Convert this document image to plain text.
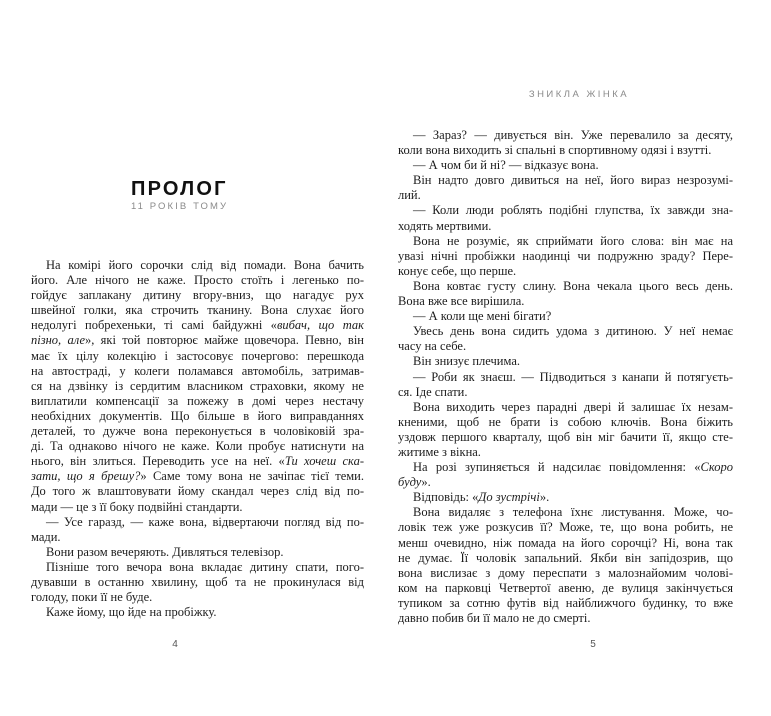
ПРОЛОГ
11 РОКІВ ТОМУ
На комірі його сорочки слід від помади. Вона бачить
його. Але нічого не каже. Просто стоїть і легенько по-
гойдує заплакану дитину вгору-вниз, що нагадує рух
швейної голки, яка строчить тканину. Вона слухає його
недолугі побрехеньки, ті самі байдужні «вибач, що так
пізно, але», які той повторює майже щовечора. Певно, він
має їх цілу колекцію і застосовує почергово: перешкода
на автостраді, у колеги поламався автомобіль, затримав-
ся на дзвінку із сердитим власником страховки, якому не
виплатили компенсації за пожежу в домі через нестачу
необхідних документів. Що більше в його виправданнях
деталей, то дужче вона переконується в чоловіковій зра-
ді. Та однаково нічого не каже. Коли пробує натиснути на
нього, він злиться. Переводить усе на неї. «Ти хочеш ска-
зати, що я брешу?» Саме тому вона не зачіпає тієї теми.
До того ж влаштовувати йому скандал через слід від по-
мади — це з її боку подвійні стандарти.
— Усе гаразд, — каже вона, відвертаючи погляд від по-
мади.
Вони разом вечеряють. Дивляться телевізор.
Пізніше того вечора вона вкладає дитину спати, пого-
дувавши в останню хвилину, щоб та не прокинулася від
голоду, поки її не буде.
Каже йому, що йде на пробіжку.
4
ЗНИКЛА ЖІНКА
— Зараз? — дивується він. Уже перевалило за десяту,
коли вона виходить зі спальні в спортивному одязі і взутті.
— А чом би й ні? — відказує вона.
Він надто довго дивиться на неї, його вираз незрозумі-
лий.
— Коли люди роблять подібні глупства, їх завжди зна-
ходять мертвими.
Вона не розуміє, як сприймати його слова: він має на
увазі нічні пробіжки наодинці чи подружню зраду? Пере-
конує себе, що перше.
Вона ковтає густу слину. Вона чекала цього весь день.
Вона вже все вирішила.
— А коли ще мені бігати?
Увесь день вона сидить удома з дитиною. У неї немає
часу на себе.
Він знизує плечима.
— Роби як знаєш. — Підводиться з канапи й потягуєть-
ся. Іде спати.
Вона виходить через парадні двері й залишає їх незам-
кненими, щоб не брати із собою ключів. Вона біжить
уздовж першого кварталу, щоб він міг бачити її, якщо сте-
житиме з вікна.
На розі зупиняється й надсилає повідомлення: «Скоро
буду».
Відповідь: «До зустрічі».
Вона видаляє з телефона їхнє листування. Може, чо-
ловік теж уже розкусив її? Може, те, що вона робить, не
менш очевидно, ніж помада на його сорочці? Ні, вона так
не думає. Її чоловік запальний. Якби він запідозрив, що
вона вислизає з дому переспати з малознайомим чолові-
ком на парковці Четвертої авеню, де вулиця закінчується
тупиком за сотню футів від найближчого будинку, то вже
давно побив би її мало не до смерті.
5
